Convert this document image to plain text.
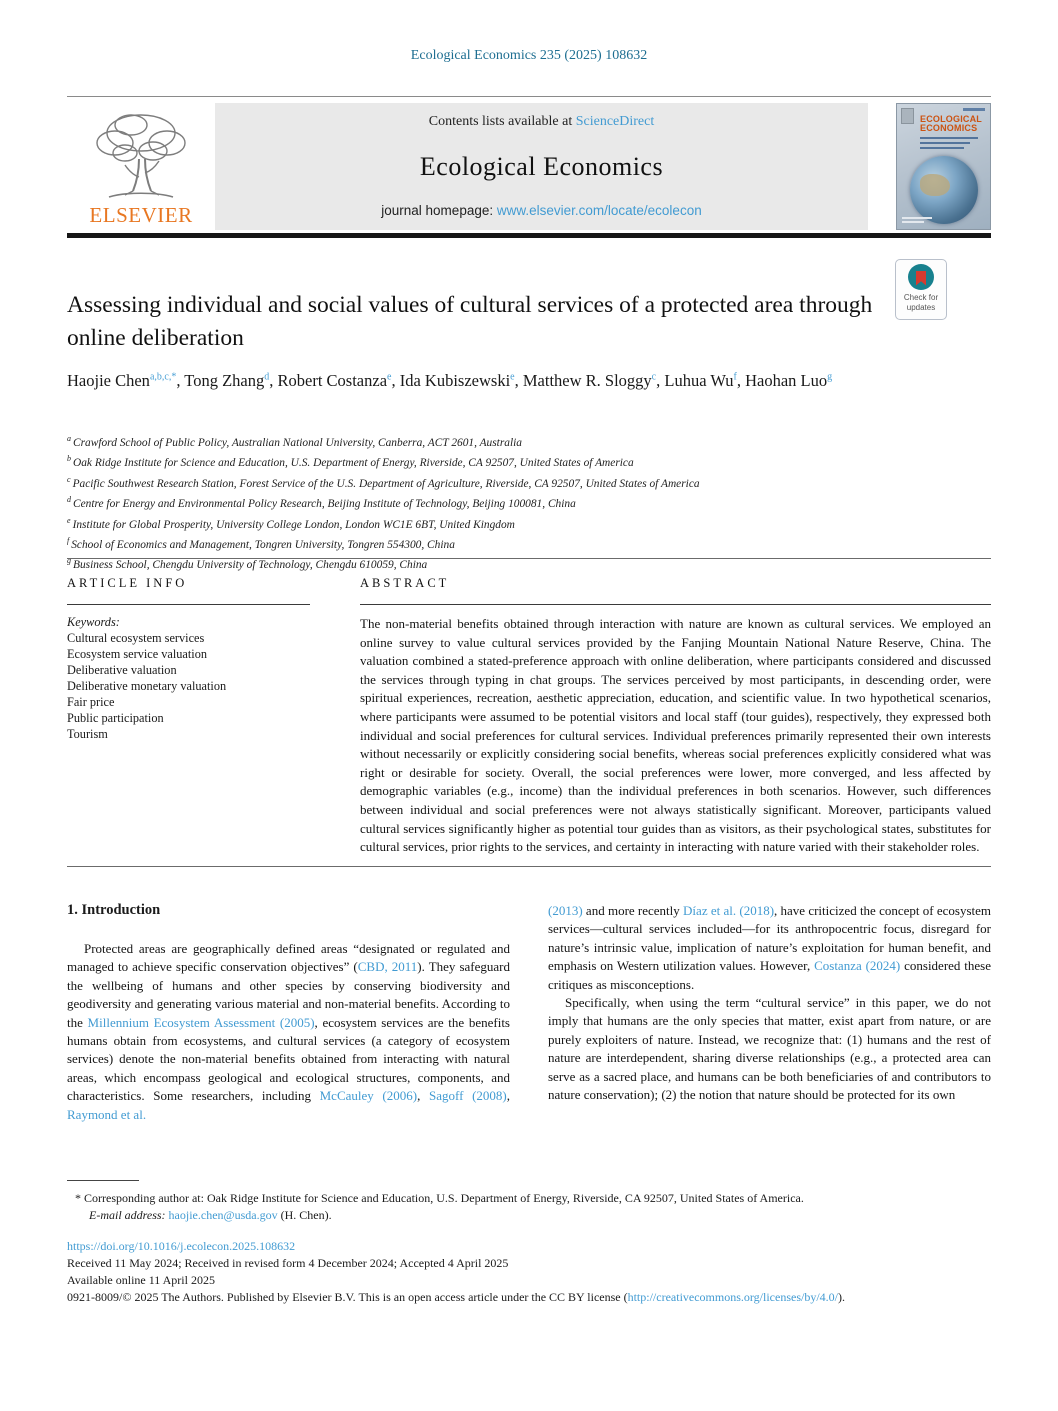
Ecological Economics 235 (2025) 108632
ELSEVIER
Contents lists available at ScienceDirect
Ecological Economics
journal homepage: www.elsevier.com/locate/ecolecon
ECOLOGICAL ECONOMICS
Check for
updates
Assessing individual and social values of cultural services of a protected area through online deliberation
Haojie Chen$^{a,b,c,*}$, Tong Zhang$^d$, Robert Costanza$^e$, Ida Kubiszewski$^e$, Matthew R. Sloggy$^c$, Luhua Wu$^f$, Haohan Luo$^g$
$^a$ Crawford School of Public Policy, Australian National University, Canberra, ACT 2601, Australia
$^b$ Oak Ridge Institute for Science and Education, U.S. Department of Energy, Riverside, CA 92507, United States of America
$^c$ Pacific Southwest Research Station, Forest Service of the U.S. Department of Agriculture, Riverside, CA 92507, United States of America
$^d$ Centre for Energy and Environmental Policy Research, Beijing Institute of Technology, Beijing 100081, China
$^e$ Institute for Global Prosperity, University College London, London WC1E 6BT, United Kingdom
$^f$ School of Economics and Management, Tongren University, Tongren 554300, China
$^g$ Business School, Chengdu University of Technology, Chengdu 610059, China
ARTICLE INFO
Keywords:
Cultural ecosystem services
Ecosystem service valuation
Deliberative valuation
Deliberative monetary valuation
Fair price
Public participation
Tourism
ABSTRACT
The non-material benefits obtained through interaction with nature are known as cultural services. We employed an online survey to value cultural services provided by the Fanjing Mountain National Nature Reserve, China. The valuation combined a stated-preference approach with online deliberation, where participants considered and discussed the services through typing in chat groups. The services perceived by most participants, in descending order, were spiritual experiences, recreation, aesthetic appreciation, education, and scientific value. In two hypothetical scenarios, where participants were assumed to be potential visitors and local staff (tour guides), respectively, they expressed both individual and social preferences for cultural services. Individual preferences primarily represented their own interests without necessarily or explicitly considering social benefits, whereas social preferences explicitly considered what was right or desirable for society. Overall, the social preferences were lower, more converged, and less affected by demographic variables (e.g., income) than the individual preferences in both scenarios. However, such differences between individual and social preferences were not always statistically significant. Moreover, participants valued cultural services significantly higher as potential tour guides than as visitors, as their psychological states, substitutes for cultural services, prior rights to the services, and certainty in interacting with nature varied with their stakeholder roles.
1. Introduction

Protected areas are geographically defined areas “designated or regulated and managed to achieve specific conservation objectives” (CBD, 2011). They safeguard the wellbeing of humans and other species by conserving biodiversity and geodiversity and generating various material and non-material benefits. According to the Millennium Ecosystem Assessment (2005), ecosystem services are the benefits humans obtain from ecosystems, and cultural services (a category of ecosystem services) denote the non-material benefits obtained from interacting with natural areas, which encompass geological and ecological structures, components, and characteristics. Some researchers, including McCauley (2006), Sagoff (2008), Raymond et al.

(2013) and more recently Díaz et al. (2018), have criticized the concept of ecosystem services—cultural services included—for its anthropocentric focus, disregard for nature’s intrinsic value, implication of nature’s exploitation for human benefit, and emphasis on Western utilization values. However, Costanza (2024) considered these critiques as misconceptions.

Specifically, when using the term “cultural service” in this paper, we do not imply that humans are the only species that matter, exist apart from nature, or are purely exploiters of nature. Instead, we recognize that: (1) humans and the rest of nature are interdependent, sharing diverse relationships (e.g., a protected area can serve as a sacred place, and humans can be both beneficiaries of and contributors to nature conservation); (2) the notion that nature should be protected for its own

* Corresponding author at: Oak Ridge Institute for Science and Education, U.S. Department of Energy, Riverside, CA 92507, United States of America.
E-mail address: haojie.chen@usda.gov (H. Chen).
https://doi.org/10.1016/j.ecolecon.2025.108632
Received 11 May 2024; Received in revised form 4 December 2024; Accepted 4 April 2025
Available online 11 April 2025
0921-8009/© 2025 The Authors. Published by Elsevier B.V. This is an open access article under the CC BY license (http://creativecommons.org/licenses/by/4.0/).
